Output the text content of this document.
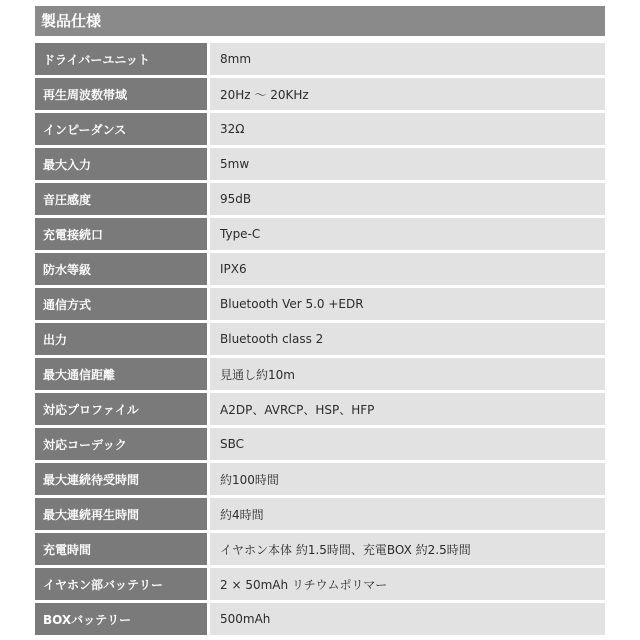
製品仕様
ドライバーユニット	8mm
再生周波数帯域	20Hz ～ 20KHz
インピーダンス	32Ω
最大入力	5mw
音圧感度	95dB
充電接続口	Type-C
防水等級	IPX6
通信方式	Bluetooth Ver 5.0 +EDR
出力	Bluetooth class 2
最大通信距離	見通し約10m
対応プロファイル	A2DP、AVRCP、HSP、HFP
対応コーデック	SBC
最大連続待受時間	約100時間
最大連続再生時間	約4時間
充電時間	イヤホン本体 約1.5時間、充電BOX 約2.5時間
イヤホン部バッテリー	2 × 50mAh リチウムポリマー
BOXバッテリー	500mAh
